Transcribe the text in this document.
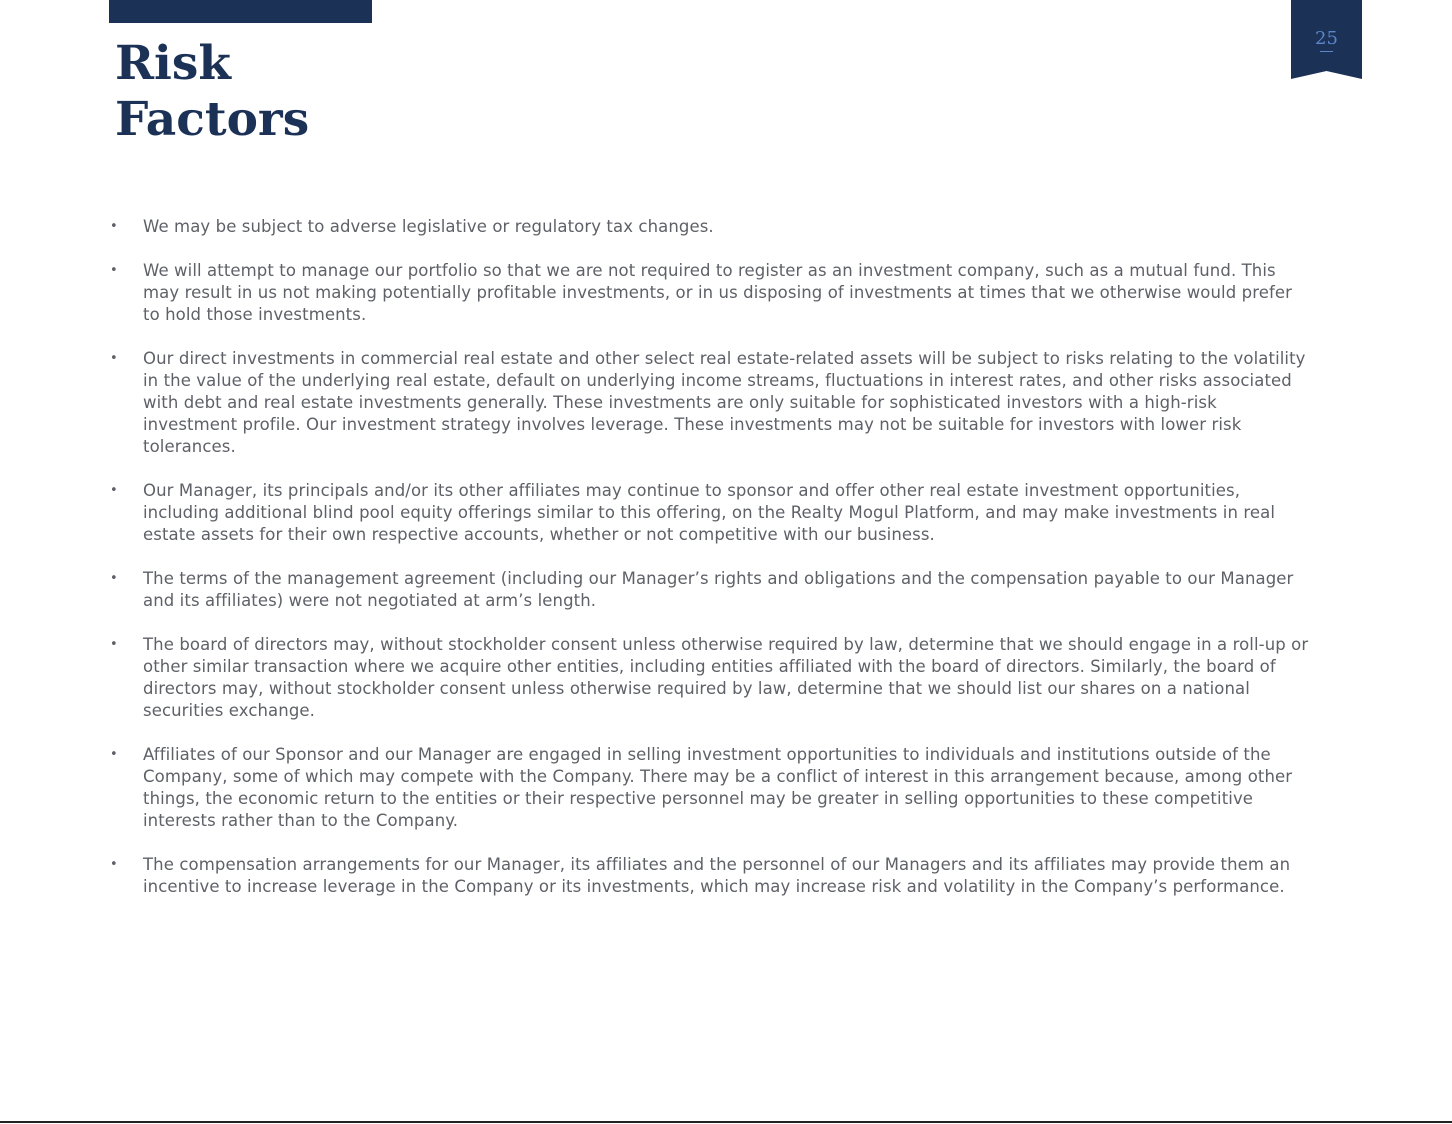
Risk
Factors
25
• We may be subject to adverse legislative or regulatory tax changes.
• We will attempt to manage our portfolio so that we are not required to register as an investment company, such as a mutual fund. This may result in us not making potentially profitable investments, or in us disposing of investments at times that we otherwise would prefer to hold those investments.
• Our direct investments in commercial real estate and other select real estate-related assets will be subject to risks relating to the volatility in the value of the underlying real estate, default on underlying income streams, fluctuations in interest rates, and other risks associated with debt and real estate investments generally. These investments are only suitable for sophisticated investors with a high-risk investment profile. Our investment strategy involves leverage. These investments may not be suitable for investors with lower risk tolerances.
• Our Manager, its principals and/or its other affiliates may continue to sponsor and offer other real estate investment opportunities, including additional blind pool equity offerings similar to this offering, on the Realty Mogul Platform, and may make investments in real estate assets for their own respective accounts, whether or not competitive with our business.
• The terms of the management agreement (including our Manager’s rights and obligations and the compensation payable to our Manager and its affiliates) were not negotiated at arm’s length.
• The board of directors may, without stockholder consent unless otherwise required by law, determine that we should engage in a roll-up or other similar transaction where we acquire other entities, including entities affiliated with the board of directors. Similarly, the board of directors may, without stockholder consent unless otherwise required by law, determine that we should list our shares on a national securities exchange.
• Affiliates of our Sponsor and our Manager are engaged in selling investment opportunities to individuals and institutions outside of the Company, some of which may compete with the Company. There may be a conflict of interest in this arrangement because, among other things, the economic return to the entities or their respective personnel may be greater in selling opportunities to these competitive interests rather than to the Company.
• The compensation arrangements for our Manager, its affiliates and the personnel of our Managers and its affiliates may provide them an incentive to increase leverage in the Company or its investments, which may increase risk and volatility in the Company’s performance.
